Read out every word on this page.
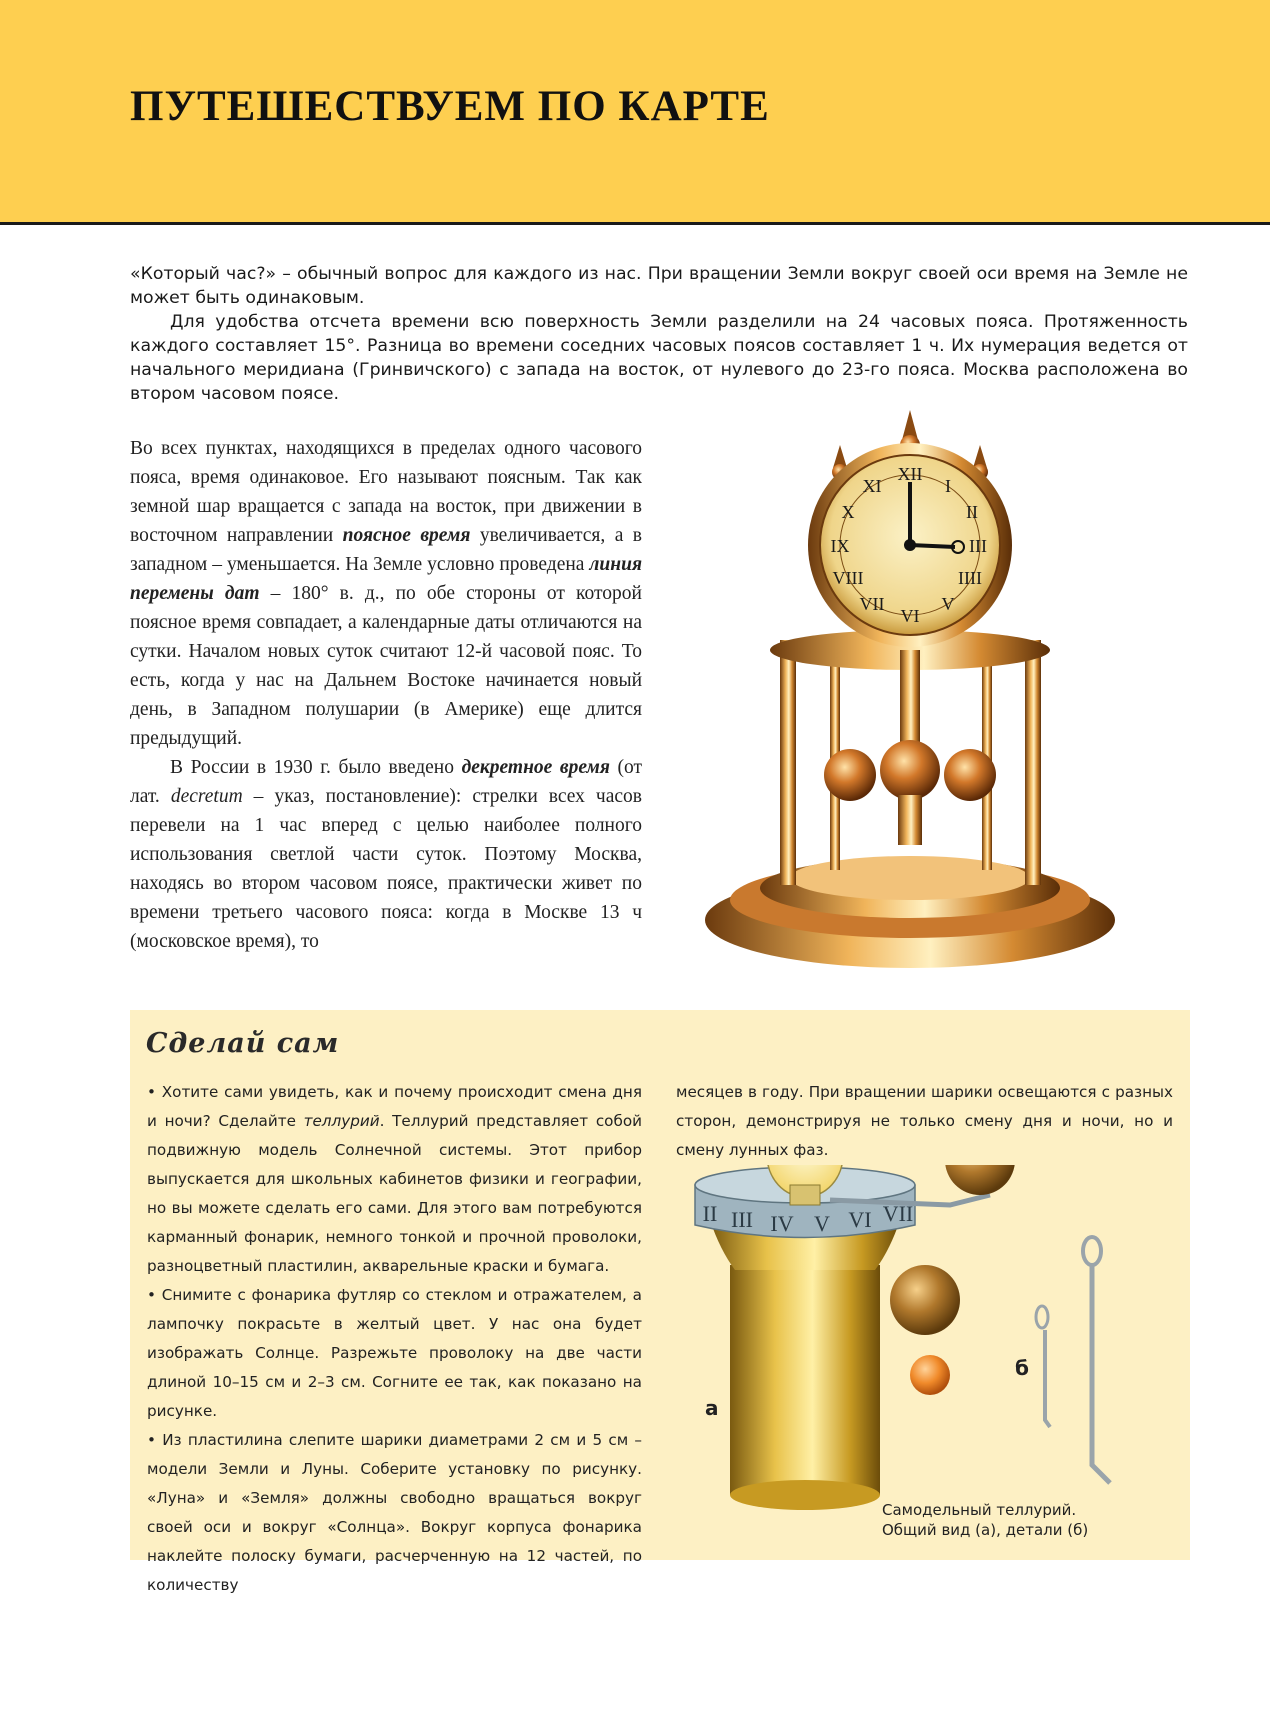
ПУТЕШЕСТВУЕМ ПО КАРТЕ

«Который час?» – обычный вопрос для каждого из нас. При вращении Земли вокруг своей оси время на Земле не может быть одинаковым.

Для удобства отсчета времени всю поверхность Земли разделили на 24 часовых пояса. Протяженность каждого составляет 15°. Разница во времени соседних часовых поясов составляет 1 ч. Их нумерация ведется от начального меридиана (Гринвичского) с запада на восток, от нулевого до 23-го пояса. Москва расположена во втором часовом поясе.

Во всех пунктах, находящихся в пределах одного часового пояса, время одинаковое. Его называют поясным. Так как земной шар вращается с запада на восток, при движении в восточном направлении поясное время увеличивается, а в западном – уменьшается. На Земле условно проведена линия перемены дат – 180° в. д., по обе стороны от которой поясное время совпадает, а календарные даты отличаются на сутки. Началом новых суток считают 12-й часовой пояс. То есть, когда у нас на Дальнем Востоке начинается новый день, в Западном полушарии (в Америке) еще длится предыдущий.

В России в 1930 г. было введено декретное время (от лат. decretum – указ, постановление): стрелки всех часов перевели на 1 час вперед с целью наиболее полного использования светлой части суток. Поэтому Москва, находясь во втором часовом поясе, практически живет по времени третьего часового пояса: когда в Москве 13 ч (московское время), то

XII
I
II
III
IIII
V
VI
VII
VIII
IX
X
XI
Сделай сам

• Хотите сами увидеть, как и почему происходит смена дня и ночи? Сделайте теллурий. Теллурий представляет собой подвижную модель Солнечной системы. Этот прибор выпускается для школьных кабинетов физики и географии, но вы можете сделать его сами. Для этого вам потребуются карманный фонарик, немного тонкой и прочной проволоки, разноцветный пластилин, акварельные краски и бумага.

• Снимите с фонарика футляр со стеклом и отражателем, а лампочку покрасьте в желтый цвет. У нас она будет изображать Солнце. Разрежьте проволоку на две части длиной 10–15 см и 2–3 см. Согните ее так, как показано на рисунке.

• Из пластилина слепите шарики диаметрами 2 см и 5 см – модели Земли и Луны. Соберите установку по рисунку. «Луна» и «Земля» должны свободно вращаться вокруг своей оси и вокруг «Солнца». Вокруг корпуса фонарика наклейте полоску бумаги, расчерченную на 12 частей, по количеству

месяцев в году. При вращении шарики освещаются с разных сторон, демонстрируя не только смену дня и ночи, но и смену лунных фаз.

II III IV V VI VII
б
а
Самодельный теллурий.
Общий вид (а), детали (б)
